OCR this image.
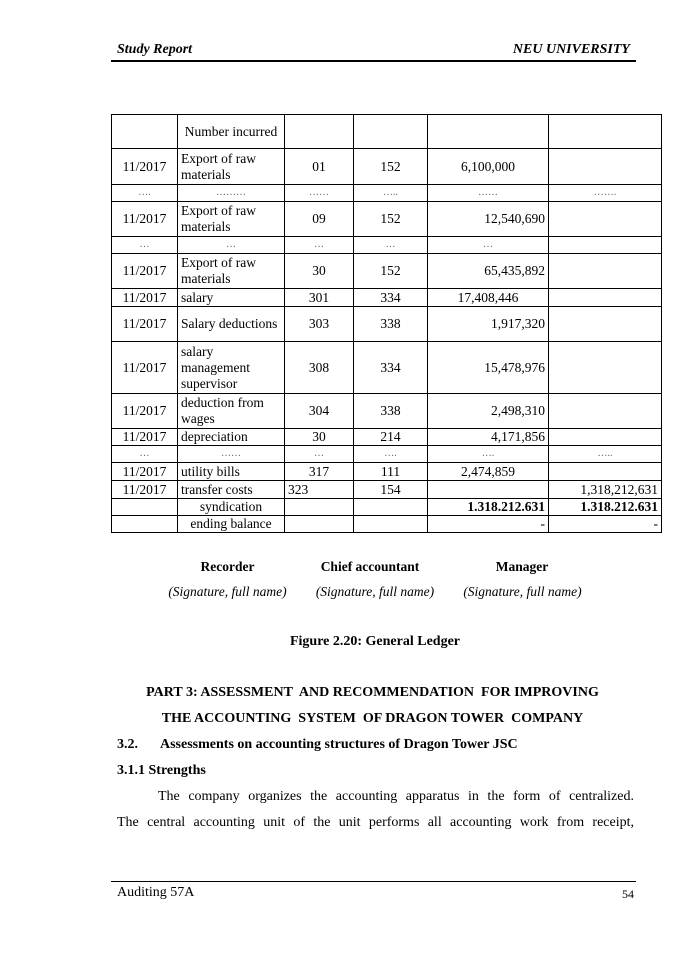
Study Report	NEU UNIVERSITY
	Number incurred				
11/2017	Export of raw materials	01	152	6,100,000	
….	………	……	…..	……	…….
11/2017	Export of raw materials	09	152	12,540,690	
…	…	…	…	…	
11/2017	Export of raw materials	30	152	65,435,892	
11/2017	salary	301	334	17,408,446	
11/2017	Salary deductions	303	338	1,917,320	
11/2017	salary management supervisor	308	334	15,478,976	
11/2017	deduction from wages	304	338	2,498,310	
11/2017	depreciation	30	214	4,171,856	
…	……	…	….	….	…..
11/2017	utility bills	317	111	2,474,859	
11/2017	transfer costs	323	154		1,318,212,631
	syndication			1.318.212.631	1.318.212.631
	ending balance			-	-
Recorder	Chief accountant	Manager
(Signature, full name)	(Signature, full name)	(Signature, full name)
Figure 2.20: General Ledger
PART 3: ASSESSMENT  AND RECOMMENDATION  FOR IMPROVING
THE ACCOUNTING  SYSTEM  OF DRAGON TOWER  COMPANY
3.2. Assessments on accounting structures of Dragon Tower JSC
3.1.1 Strengths
The company organizes the accounting apparatus in the form of centralized.
The central accounting unit of the unit performs all accounting work from receipt,
Auditing 57A	54
